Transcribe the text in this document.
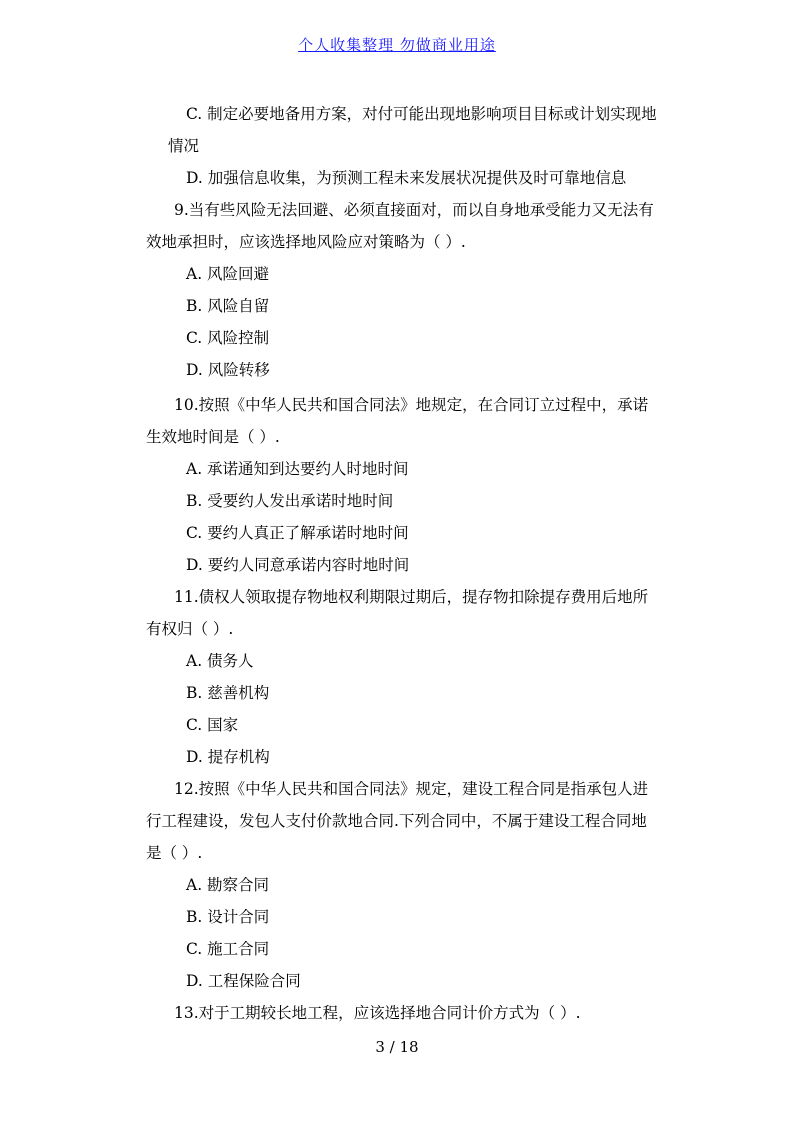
个人收集整理 勿做商业用途
C. 制定必要地备用方案，对付可能出现地影响项目目标或计划实现地
情况
D. 加强信息收集，为预测工程未来发展状况提供及时可靠地信息
9.当有些风险无法回避、必须直接面对，而以自身地承受能力又无法有
效地承担时，应该选择地风险应对策略为（ ）.
A. 风险回避
B. 风险自留
C. 风险控制
D. 风险转移
10.按照《中华人民共和国合同法》地规定，在合同订立过程中，承诺
生效地时间是（ ）.
A. 承诺通知到达要约人时地时间
B. 受要约人发出承诺时地时间
C. 要约人真正了解承诺时地时间
D. 要约人同意承诺内容时地时间
11.债权人领取提存物地权利期限过期后，提存物扣除提存费用后地所
有权归（ ）.
A. 债务人
B. 慈善机构
C. 国家
D. 提存机构
12.按照《中华人民共和国合同法》规定，建设工程合同是指承包人进
行工程建设，发包人支付价款地合同.下列合同中，不属于建设工程合同地
是（ ）.
A. 勘察合同
B. 设计合同
C. 施工合同
D. 工程保险合同
13.对于工期较长地工程，应该选择地合同计价方式为（ ）.
3 / 18
